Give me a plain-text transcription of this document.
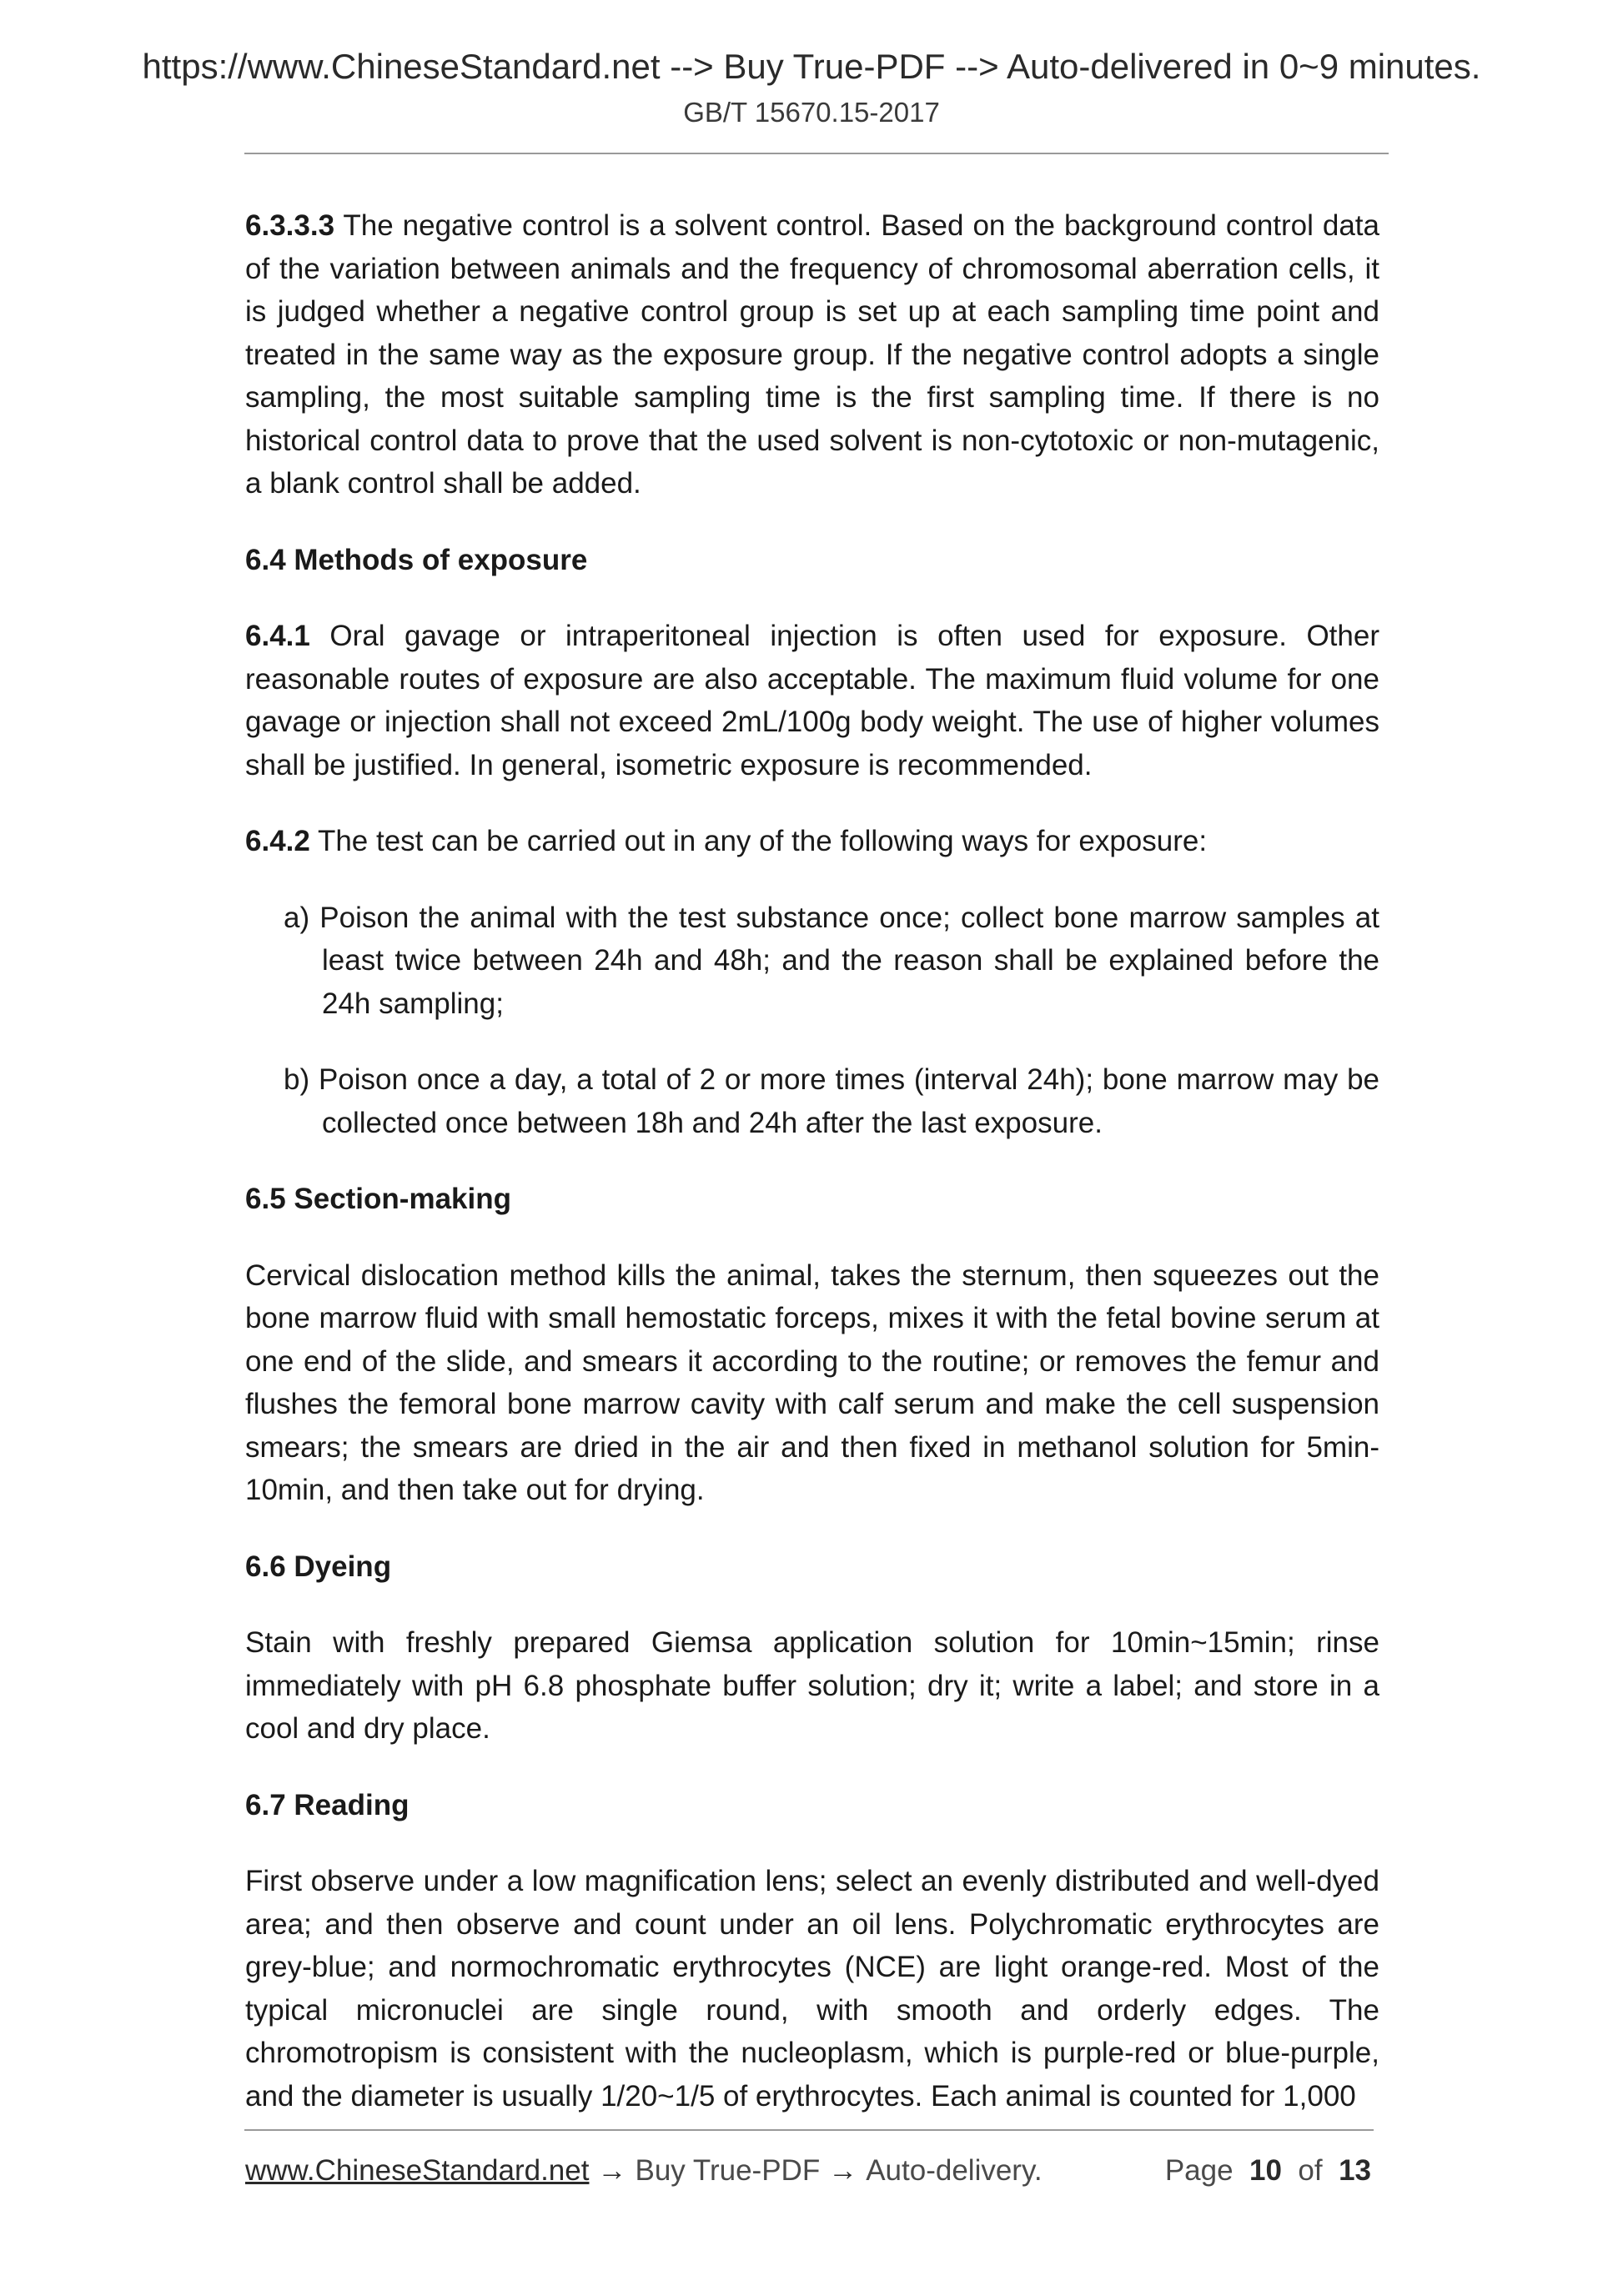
https://www.ChineseStandard.net --> Buy True-PDF --> Auto-delivered in 0~9 minutes.
GB/T 15670.15-2017

6.3.3.3 The negative control is a solvent control. Based on the background control data of the variation between animals and the frequency of chromosomal aberration cells, it is judged whether a negative control group is set up at each sampling time point and treated in the same way as the exposure group. If the negative control adopts a single sampling, the most suitable sampling time is the first sampling time. If there is no historical control data to prove that the used solvent is non-cytotoxic or non-mutagenic, a blank control shall be added.

6.4 Methods of exposure

6.4.1 Oral gavage or intraperitoneal injection is often used for exposure. Other reasonable routes of exposure are also acceptable. The maximum fluid volume for one gavage or injection shall not exceed 2mL/100g body weight. The use of higher volumes shall be justified. In general, isometric exposure is recommended.

6.4.2 The test can be carried out in any of the following ways for exposure:

a) Poison the animal with the test substance once; collect bone marrow samples at least twice between 24h and 48h; and the reason shall be explained before the 24h sampling;
b) Poison once a day, a total of 2 or more times (interval 24h); bone marrow may be collected once between 18h and 24h after the last exposure.
6.5 Section-making

Cervical dislocation method kills the animal, takes the sternum, then squeezes out the bone marrow fluid with small hemostatic forceps, mixes it with the fetal bovine serum at one end of the slide, and smears it according to the routine; or removes the femur and flushes the femoral bone marrow cavity with calf serum and make the cell suspension smears; the smears are dried in the air and then fixed in methanol solution for 5min-10min, and then take out for drying.

6.6 Dyeing

Stain with freshly prepared Giemsa application solution for 10min~15min; rinse immediately with pH 6.8 phosphate buffer solution; dry it; write a label; and store in a cool and dry place.

6.7 Reading

First observe under a low magnification lens; select an evenly distributed and well-dyed area; and then observe and count under an oil lens. Polychromatic erythrocytes are grey-blue; and normochromatic erythrocytes (NCE) are light orange-red. Most of the typical micronuclei are single round, with smooth and orderly edges. The chromotropism is consistent with the nucleoplasm, which is purple-red or blue-purple, and the diameter is usually 1/20~1/5 of erythrocytes. Each animal is counted for 1,000

www.ChineseStandard.net → Buy True-PDF → Auto-delivery.	Page 10 of 13
